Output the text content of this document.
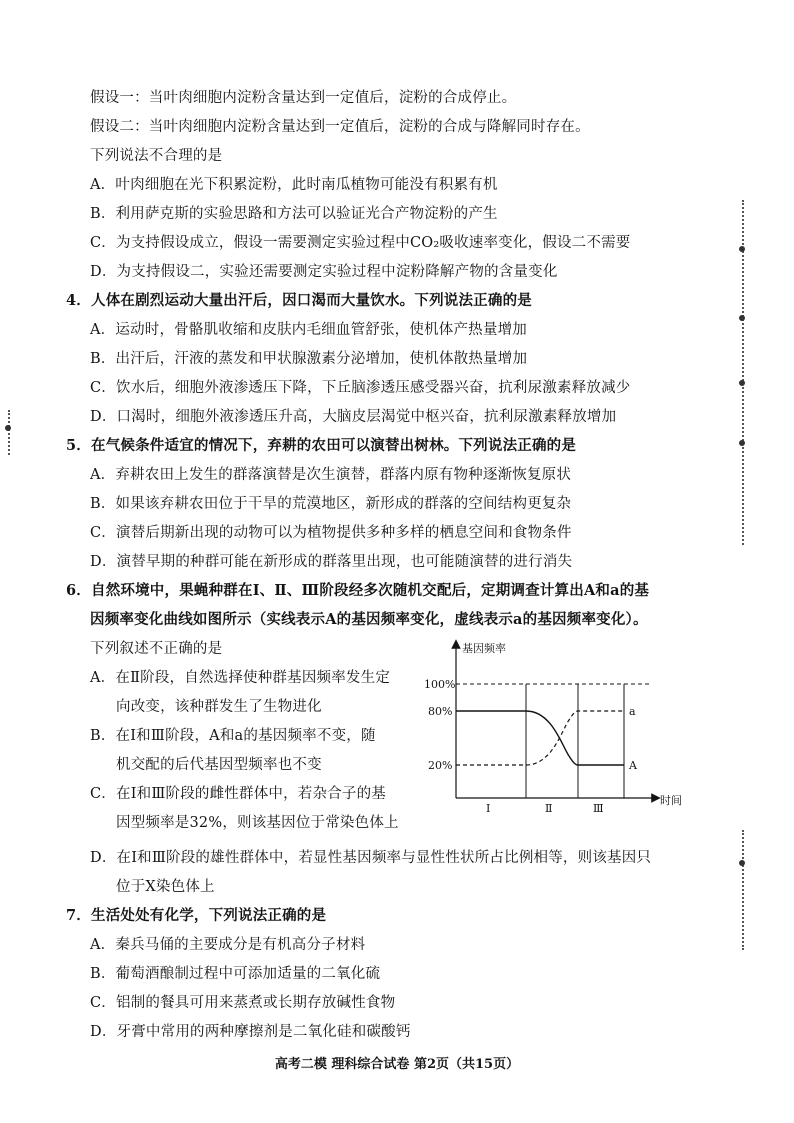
假设一：当叶肉细胞内淀粉含量达到一定值后，淀粉的合成停止。
假设二：当叶肉细胞内淀粉含量达到一定值后，淀粉的合成与降解同时存在。
下列说法不合理的是
A．叶肉细胞在光下积累淀粉，此时南瓜植物可能没有积累有机
B．利用萨克斯的实验思路和方法可以验证光合产物淀粉的产生
C．为支持假设成立，假设一需要测定实验过程中CO₂吸收速率变化，假设二不需要
D．为支持假设二，实验还需要测定实验过程中淀粉降解产物的含量变化
4．人体在剧烈运动大量出汗后，因口渴而大量饮水。下列说法正确的是
A．运动时，骨骼肌收缩和皮肤内毛细血管舒张，使机体产热量增加
B．出汗后，汗液的蒸发和甲状腺激素分泌增加，使机体散热量增加
C．饮水后，细胞外液渗透压下降，下丘脑渗透压感受器兴奋，抗利尿激素释放减少
D．口渴时，细胞外液渗透压升高，大脑皮层渴觉中枢兴奋，抗利尿激素释放增加
5．在气候条件适宜的情况下，弃耕的农田可以演替出树林。下列说法正确的是
A．弃耕农田上发生的群落演替是次生演替，群落内原有物种逐渐恢复原状
B．如果该弃耕农田位于干旱的荒漠地区，新形成的群落的空间结构更复杂
C．演替后期新出现的动物可以为植物提供多种多样的栖息空间和食物条件
D．演替早期的种群可能在新形成的群落里出现，也可能随演替的进行消失
6．自然环境中，果蝇种群在Ⅰ、Ⅱ、Ⅲ阶段经多次随机交配后，定期调查计算出A和a的基
因频率变化曲线如图所示（实线表示A的基因频率变化，虚线表示a的基因频率变化）。
下列叙述不正确的是
A．在Ⅱ阶段，自然选择使种群基因频率发生定
向改变，该种群发生了生物进化
B．在Ⅰ和Ⅲ阶段，A和a的基因频率不变，随
机交配的后代基因型频率也不变
C．在Ⅰ和Ⅲ阶段的雌性群体中，若杂合子的基
因型频率是32%，则该基因位于常染色体上
D．在Ⅰ和Ⅲ阶段的雄性群体中，若显性基因频率与显性性状所占比例相等，则该基因只
位于X染色体上
7．生活处处有化学，下列说法正确的是
A．秦兵马俑的主要成分是有机高分子材料
B．葡萄酒酿制过程中可添加适量的二氧化硫
C．铝制的餐具可用来蒸煮或长期存放碱性食物
D．牙膏中常用的两种摩擦剂是二氧化硅和碳酸钙
基因频率
时间
100%
80%
20%
a
A
Ⅰ	Ⅱ	Ⅲ
高考二模 理科综合试卷 第2页（共15页）
